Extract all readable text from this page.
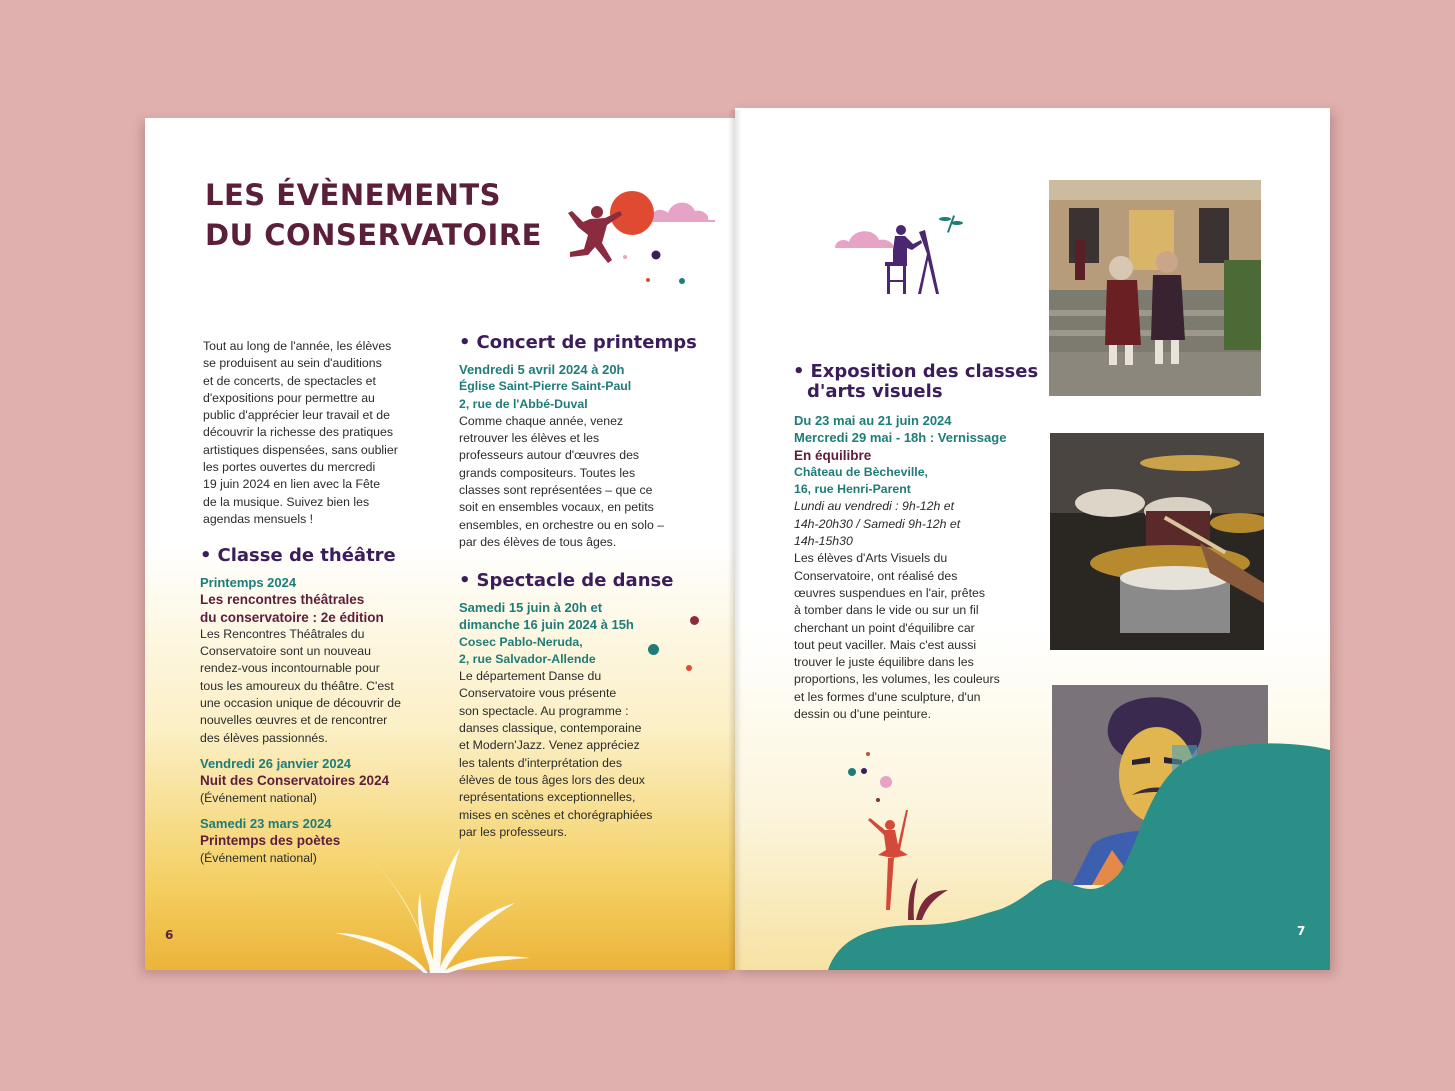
LES ÉVÈNEMENTS
DU CONSERVATOIRE
Tout au long de l'année, les élèves
se produisent au sein d'auditions
et de concerts, de spectacles et
d'expositions pour permettre au
public d'apprécier leur travail et de
découvrir la richesse des pratiques
artistiques dispensées, sans oublier
les portes ouvertes du mercredi
19 juin 2024 en lien avec la Fête
de la musique. Suivez bien les
agendas mensuels !
• Classe de théâtre
Printemps 2024
Les rencontres théâtrales
du conservatoire : 2e édition
Les Rencontres Théâtrales du
Conservatoire sont un nouveau
rendez-vous incontournable pour
tous les amoureux du théâtre. C'est
une occasion unique de découvrir de
nouvelles œuvres et de rencontrer
des élèves passionnés.
Vendredi 26 janvier 2024
Nuit des Conservatoires 2024
(Événement national)
Samedi 23 mars 2024
Printemps des poètes
(Événement national)
• Concert de printemps
Vendredi 5 avril 2024 à 20h
Église Saint-Pierre Saint-Paul
2, rue de l'Abbé-Duval
Comme chaque année, venez
retrouver les élèves et les
professeurs autour d'œuvres des
grands compositeurs. Toutes les
classes sont représentées – que ce
soit en ensembles vocaux, en petits
ensembles, en orchestre ou en solo –
par des élèves de tous âges.
• Spectacle de danse
Samedi 15 juin à 20h et
dimanche 16 juin 2024 à 15h
Cosec Pablo-Neruda,
2, rue Salvador-Allende
Le département Danse du
Conservatoire vous présente
son spectacle. Au programme :
danses classique, contemporaine
et Modern'Jazz. Venez appréciez
les talents d'interprétation des
élèves de tous âges lors des deux
représentations exceptionnelles,
mises en scènes et chorégraphiées
par les professeurs.
6
• Exposition des classes
d'arts visuels
Du 23 mai au 21 juin 2024
Mercredi 29 mai - 18h : Vernissage
En équilibre
Château de Bècheville,
16, rue Henri-Parent
Lundi au vendredi : 9h-12h et
14h-20h30 / Samedi 9h-12h et
14h-15h30
Les élèves d'Arts Visuels du
Conservatoire, ont réalisé des
œuvres suspendues en l'air, prêtes
à tomber dans le vide ou sur un fil
cherchant un point d'équilibre car
tout peut vaciller. Mais c'est aussi
trouver le juste équilibre dans les
proportions, les volumes, les couleurs
et les formes d'une sculpture, d'un
dessin ou d'une peinture.
7
